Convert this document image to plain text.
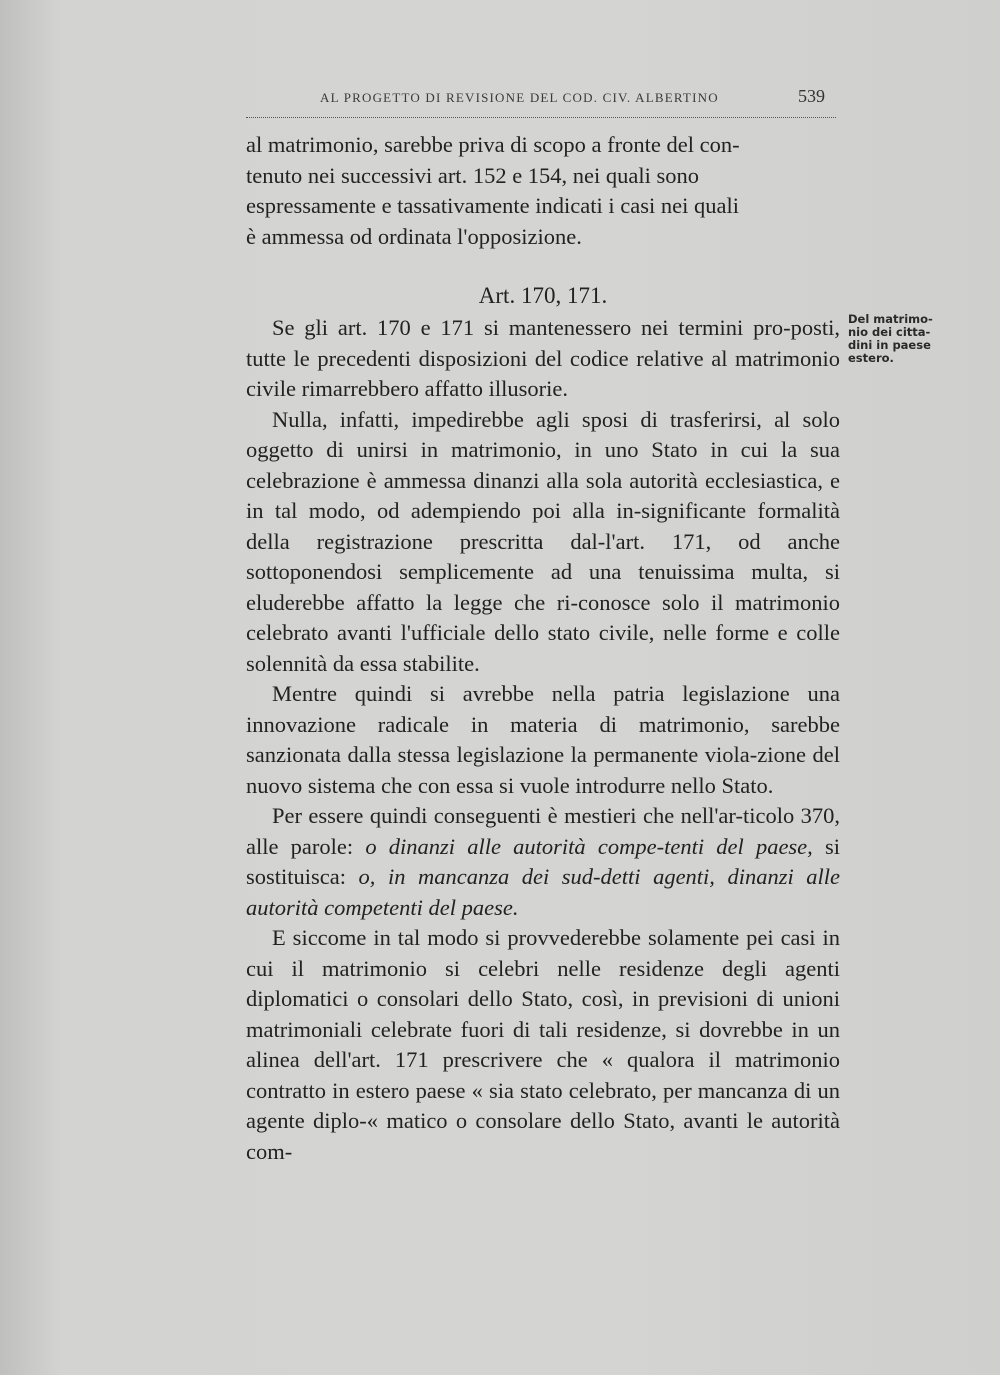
AL PROGETTO DI REVISIONE DEL COD. CIV. ALBERTINO	539
al matrimonio, sarebbe priva di scopo a fronte del con-
tenuto nei successivi art. 152 e 154, nei quali sono
espressamente e tassativamente indicati i casi nei quali
è ammessa od ordinata l'opposizione.
Art. 170, 171.
Del matrimo-
nio dei citta-
dini in paese
estero.

Se gli art. 170 e 171 si mantenessero nei termini pro-posti, tutte le precedenti disposizioni del codice relative al matrimonio civile rimarrebbero affatto illusorie.

Nulla, infatti, impedirebbe agli sposi di trasferirsi, al solo oggetto di unirsi in matrimonio, in uno Stato in cui la sua celebrazione è ammessa dinanzi alla sola autorità ecclesiastica, e in tal modo, od adempiendo poi alla in-significante formalità della registrazione prescritta dal-l'art. 171, od anche sottoponendosi semplicemente ad una tenuissima multa, si eluderebbe affatto la legge che ri-conosce solo il matrimonio celebrato avanti l'ufficiale dello stato civile, nelle forme e colle solennità da essa stabilite.

Mentre quindi si avrebbe nella patria legislazione una innovazione radicale in materia di matrimonio, sarebbe sanzionata dalla stessa legislazione la permanente viola-zione del nuovo sistema che con essa si vuole introdurre nello Stato.

Per essere quindi conseguenti è mestieri che nell'ar-ticolo 370, alle parole: o dinanzi alle autorità compe-tenti del paese, si sostituisca: o, in mancanza dei sud-detti agenti, dinanzi alle autorità competenti del paese.

E siccome in tal modo si provvederebbe solamente pei casi in cui il matrimonio si celebri nelle residenze degli agenti diplomatici o consolari dello Stato, così, in previsioni di unioni matrimoniali celebrate fuori di tali residenze, si dovrebbe in un alinea dell'art. 171 prescrivere che « qualora il matrimonio contratto in estero paese « sia stato celebrato, per mancanza di un agente diplo-« matico o consolare dello Stato, avanti le autorità com-
